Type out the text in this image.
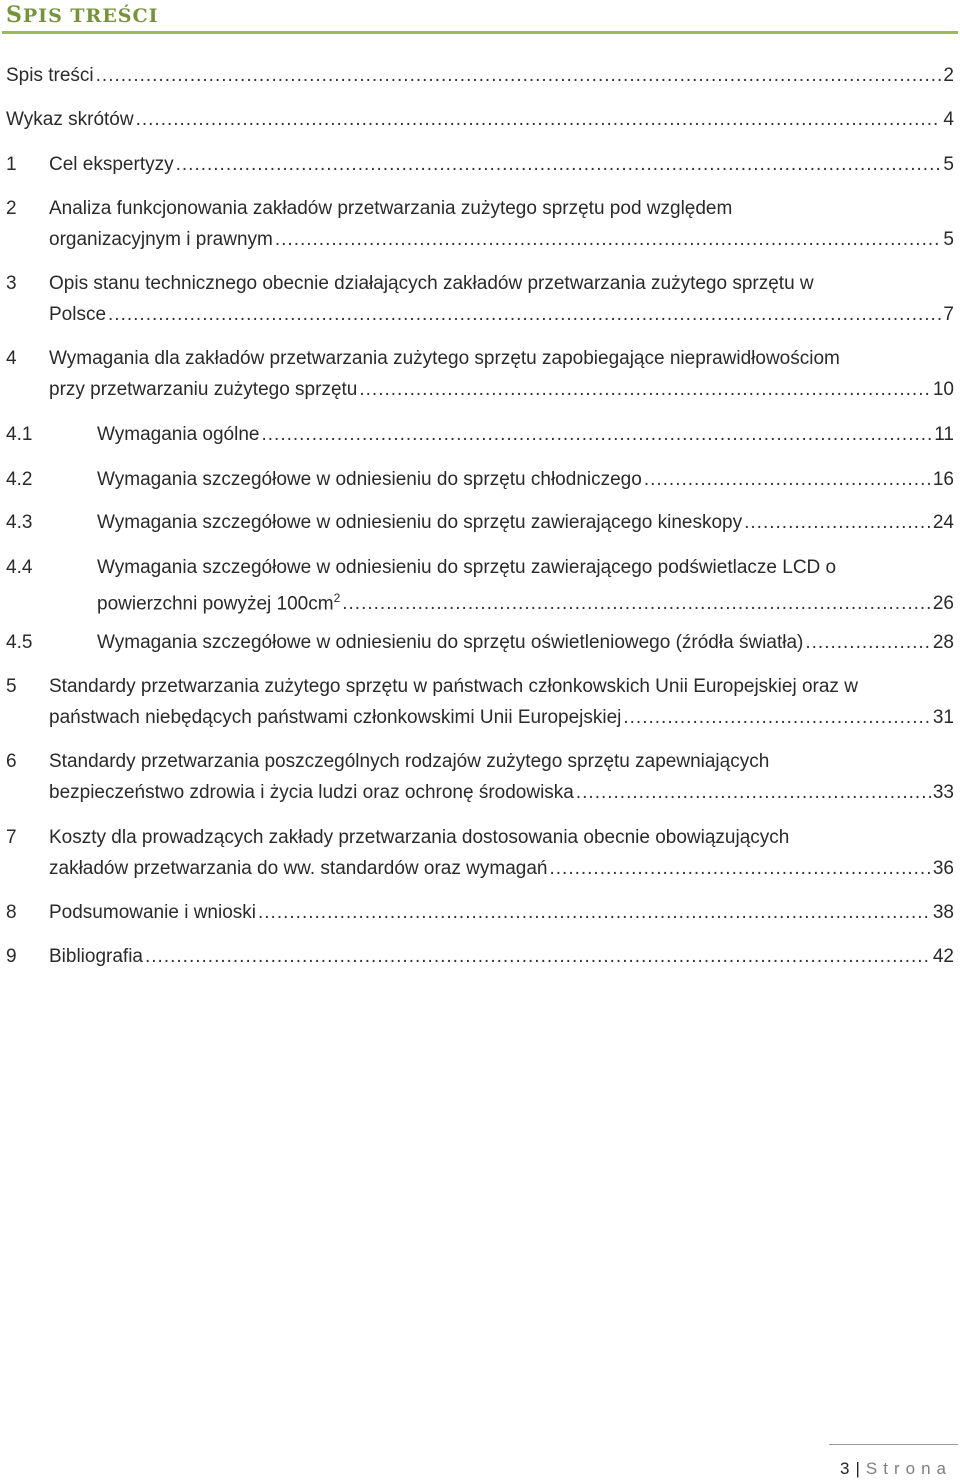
SPIS TREŚCI
Spis treści .....	2
Wykaz skrótów .....	4
1 Cel ekspertyzy .....	5
2 Analiza funkcjonowania zakładów przetwarzania zużytego sprzętu pod względem
organizacyjnym i prawnym .....	5
3 Opis stanu technicznego obecnie działających zakładów przetwarzania zużytego sprzętu w
Polsce .....	7
4 Wymagania dla zakładów przetwarzania zużytego sprzętu zapobiegające nieprawidłowościom
przy przetwarzaniu zużytego sprzętu .....	10
4.1	Wymagania ogólne .....	11
4.2	Wymagania szczegółowe w odniesieniu do sprzętu chłodniczego .....	16
4.3	Wymagania szczegółowe w odniesieniu do sprzętu zawierającego kineskopy .....	24
4.4	Wymagania szczegółowe w odniesieniu do sprzętu zawierającego podświetlacze LCD o
powierzchni powyżej $100cm^2$ .....	26
4.5	Wymagania szczegółowe w odniesieniu do sprzętu oświetleniowego (źródła światła) .....	28
5 Standardy przetwarzania zużytego sprzętu w państwach członkowskich Unii Europejskiej oraz w
państwach niebędących państwami członkowskimi Unii Europejskiej .....	31
6 Standardy przetwarzania poszczególnych rodzajów zużytego sprzętu zapewniających
bezpieczeństwo zdrowia i życia ludzi oraz ochronę środowiska .....	33
7 Koszty dla prowadzących zakłady przetwarzania dostosowania obecnie obowiązujących
zakładów przetwarzania do ww. standardów oraz wymagań .....	36
8 Podsumowanie i wnioski .....	38
9 Bibliografia .....	42
3 | Strona
